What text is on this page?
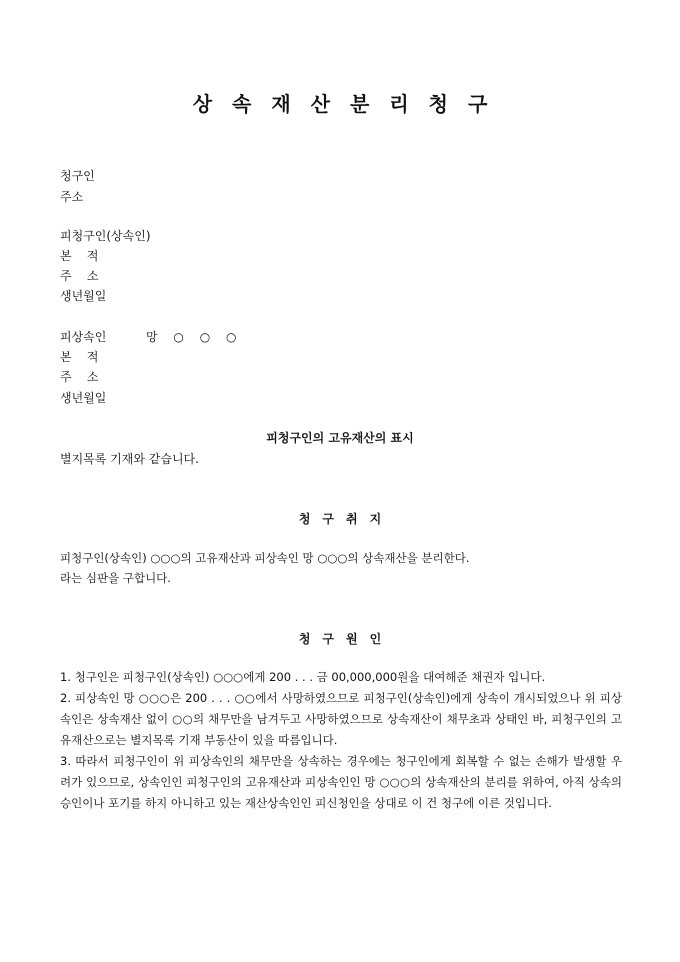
상속재산분리청구
청구인
주소
피청구인(상속인)
본    적
주    소
생년월일
피상속인	망 ○ ○ ○
본    적
주    소
생년월일
피청구인의 고유재산의 표시
별지목록 기재와 같습니다.
청구취지
피청구인(상속인) ○○○의 고유재산과 피상속인 망 ○○○의 상속재산을 분리한다.
라는 심판을 구합니다.
청구원인

1. 청구인은 피청구인(상속인) ○○○에게 200 . . . 금 00,000,000원을 대여해준 채권자 입니다.

2. 피상속인 망 ○○○은 200 . . . ○○에서 사망하였으므로 피청구인(상속인)에게 상속이 개시되었으나 위 피상속인은 상속재산 없이 ○○의 채무만을 남겨두고 사망하였으므로 상속재산이 채무초과 상태인 바, 피청구인의 고유재산으로는 별지목록 기재 부동산이 있을 따름입니다.

3. 따라서 피청구인이 위 피상속인의 채무만을 상속하는 경우에는 청구인에게 회복할 수 없는 손해가 발생할 우려가 있으므로, 상속인인 피청구인의 고유재산과 피상속인인 망 ○○○의 상속재산의 분리를 위하여, 아직 상속의 승인이나 포기를 하지 아니하고 있는 재산상속인인 피신청인을 상대로 이 건 청구에 이른 것입니다.
